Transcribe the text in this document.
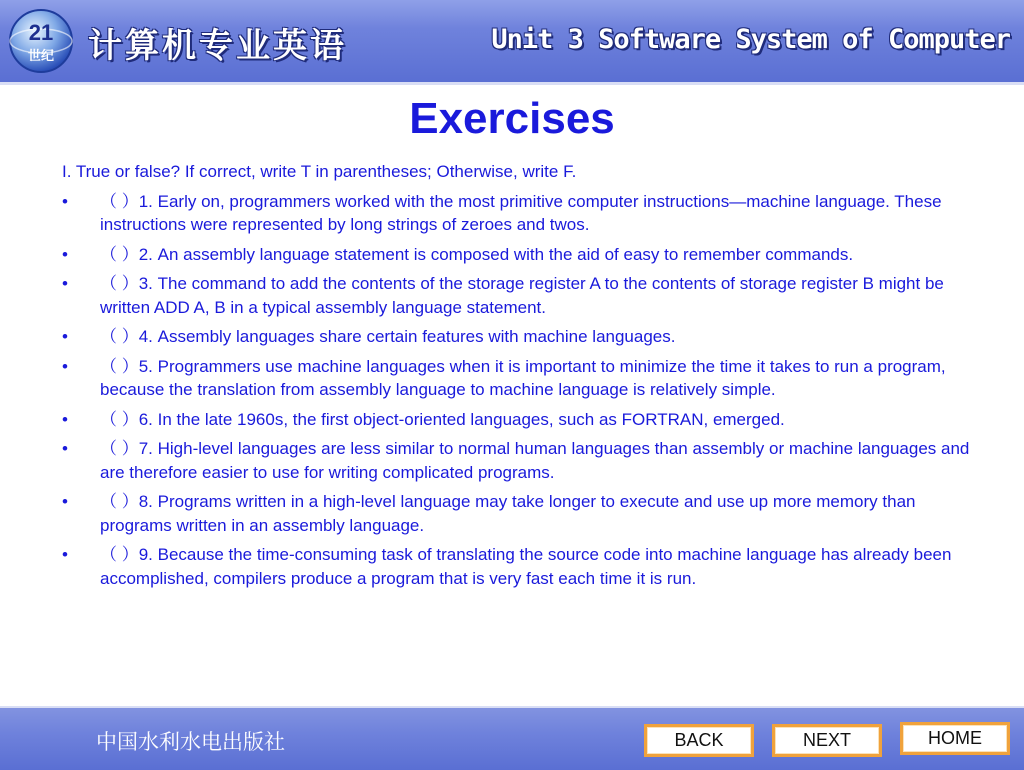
21
世纪 计算机专业英语	Unit 3 Software System of Computer
Exercises

I. True or false? If correct, write T in parentheses; Otherwise, write F.

•	（ ）1. Early on, programmers worked with the most primitive computer instructions—machine language. These instructions were represented by long strings of zeroes and twos.
•	（ ）2. An assembly language statement is composed with the aid of easy to remember commands.
•	（ ）3. The command to add the contents of the storage register A to the contents of storage register B might be written ADD A, B in a typical assembly language statement.
•	（ ）4. Assembly languages share certain features with machine languages.
•	（ ）5. Programmers use machine languages when it is important to minimize the time it takes to run a program, because the translation from assembly language to machine language is relatively simple.
•	（ ）6. In the late 1960s, the first object-oriented languages, such as FORTRAN, emerged.
•	（ ）7. High-level languages are less similar to normal human languages than assembly or machine languages and are therefore easier to use for writing complicated programs.
•	（ ）8. Programs written in a high-level language may take longer to execute and use up more memory than programs written in an assembly language.
•	（ ）9. Because the time-consuming task of translating the source code into machine language has already been accomplished, compilers produce a program that is very fast each time it is run.
中国水利水电出版社	BACK	NEXT	HOME
